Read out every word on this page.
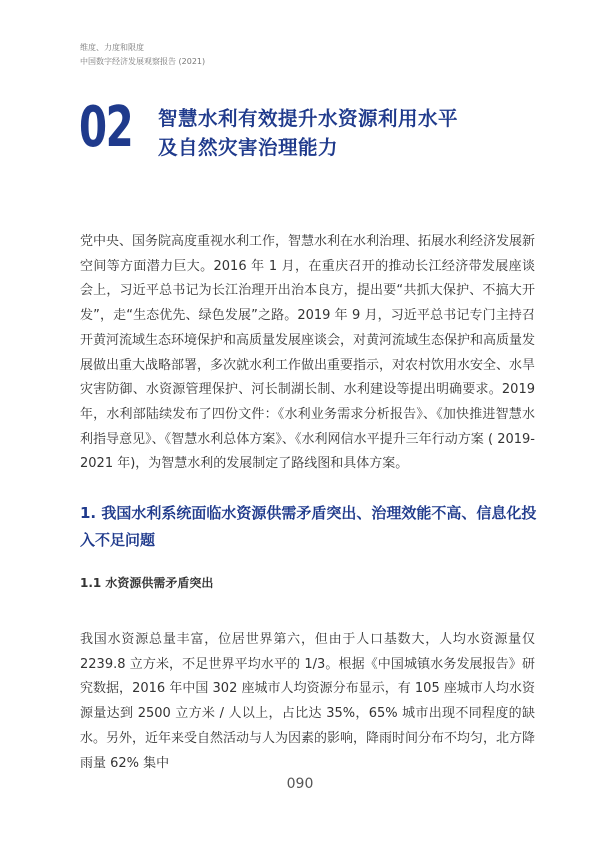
维度、力度和限度
中国数字经济发展观察报告 (2021)
02 智慧水利有效提升水资源利用水平
及自然灾害治理能力

党中央、国务院高度重视水利工作，智慧水利在水利治理、拓展水利经济发展新空间等方面潜力巨大。2016 年 1 月，在重庆召开的推动长江经济带发展座谈会上，习近平总书记为长江治理开出治本良方，提出要“共抓大保护、不搞大开发”，走“生态优先、绿色发展”之路。2019 年 9 月，习近平总书记专门主持召开黄河流域生态环境保护和高质量发展座谈会，对黄河流域生态保护和高质量发展做出重大战略部署，多次就水利工作做出重要指示，对农村饮用水安全、水旱灾害防御、水资源管理保护、河长制湖长制、水利建设等提出明确要求。2019 年，水利部陆续发布了四份文件：《水利业务需求分析报告》、《加快推进智慧水利指导意见》、《智慧水利总体方案》、《水利网信水平提升三年行动方案 ( 2019-2021 年)，为智慧水利的发展制定了路线图和具体方案。

1. 我国水利系统面临水资源供需矛盾突出、治理效能不高、信息化投入不足问题
1.1 水资源供需矛盾突出

我国水资源总量丰富，位居世界第六，但由于人口基数大，人均水资源量仅 2239.8 立方米，不足世界平均水平的 1/3。根据《中国城镇水务发展报告》研究数据，2016 年中国 302 座城市人均资源分布显示，有 105 座城市人均水资源量达到 2500 立方米 / 人以上，占比达 35%，65% 城市出现不同程度的缺水。另外，近年来受自然活动与人为因素的影响，降雨时间分布不均匀，北方降雨量 62% 集中

090
